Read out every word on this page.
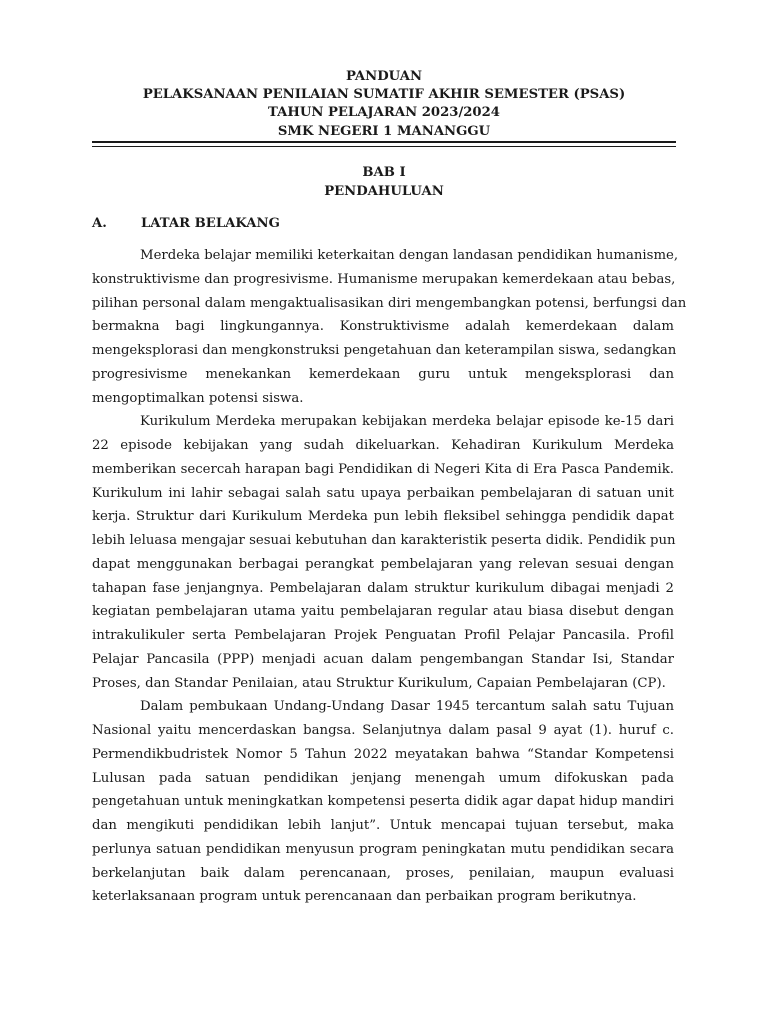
PANDUAN
PELAKSANAAN PENILAIAN SUMATIF AKHIR SEMESTER (PSAS)
TAHUN PELAJARAN 2023/2024
SMK NEGERI 1 MANANGGU
BAB I
PENDAHULUAN
A.	LATAR BELAKANG
Merdeka belajar memiliki keterkaitan dengan landasan pendidikan humanisme,
konstruktivisme dan progresivisme. Humanisme merupakan kemerdekaan atau bebas,
pilihan personal dalam mengaktualisasikan diri mengembangkan potensi, berfungsi dan
bermakna bagi lingkungannya. Konstruktivisme adalah kemerdekaan dalam
mengeksplorasi dan mengkonstruksi pengetahuan dan keterampilan siswa, sedangkan
progresivisme menekankan kemerdekaan guru untuk mengeksplorasi dan
mengoptimalkan potensi siswa.
Kurikulum Merdeka merupakan kebijakan merdeka belajar episode ke-15 dari
22 episode kebijakan yang sudah dikeluarkan. Kehadiran Kurikulum Merdeka
memberikan secercah harapan bagi Pendidikan di Negeri Kita di Era Pasca Pandemik.
Kurikulum ini lahir sebagai salah satu upaya perbaikan pembelajaran di satuan unit
kerja. Struktur dari Kurikulum Merdeka pun lebih fleksibel sehingga pendidik dapat
lebih leluasa mengajar sesuai kebutuhan dan karakteristik peserta didik. Pendidik pun
dapat menggunakan berbagai perangkat pembelajaran yang relevan sesuai dengan
tahapan fase jenjangnya. Pembelajaran dalam struktur kurikulum dibagai menjadi 2
kegiatan pembelajaran utama yaitu pembelajaran regular atau biasa disebut dengan
intrakulikuler serta Pembelajaran Projek Penguatan Profil Pelajar Pancasila. Profil
Pelajar Pancasila (PPP) menjadi acuan dalam pengembangan Standar Isi, Standar
Proses, dan Standar Penilaian, atau Struktur Kurikulum, Capaian Pembelajaran (CP).
Dalam pembukaan Undang-Undang Dasar 1945 tercantum salah satu Tujuan
Nasional yaitu mencerdaskan bangsa. Selanjutnya dalam pasal 9 ayat (1). huruf c.
Permendikbudristek Nomor 5 Tahun 2022 meyatakan bahwa “Standar Kompetensi
Lulusan pada satuan pendidikan jenjang menengah umum difokuskan pada
pengetahuan untuk meningkatkan kompetensi peserta didik agar dapat hidup mandiri
dan mengikuti pendidikan lebih lanjut”. Untuk mencapai tujuan tersebut, maka
perlunya satuan pendidikan menyusun program peningkatan mutu pendidikan secara
berkelanjutan baik dalam perencanaan, proses, penilaian, maupun evaluasi
keterlaksanaan program untuk perencanaan dan perbaikan program berikutnya.
